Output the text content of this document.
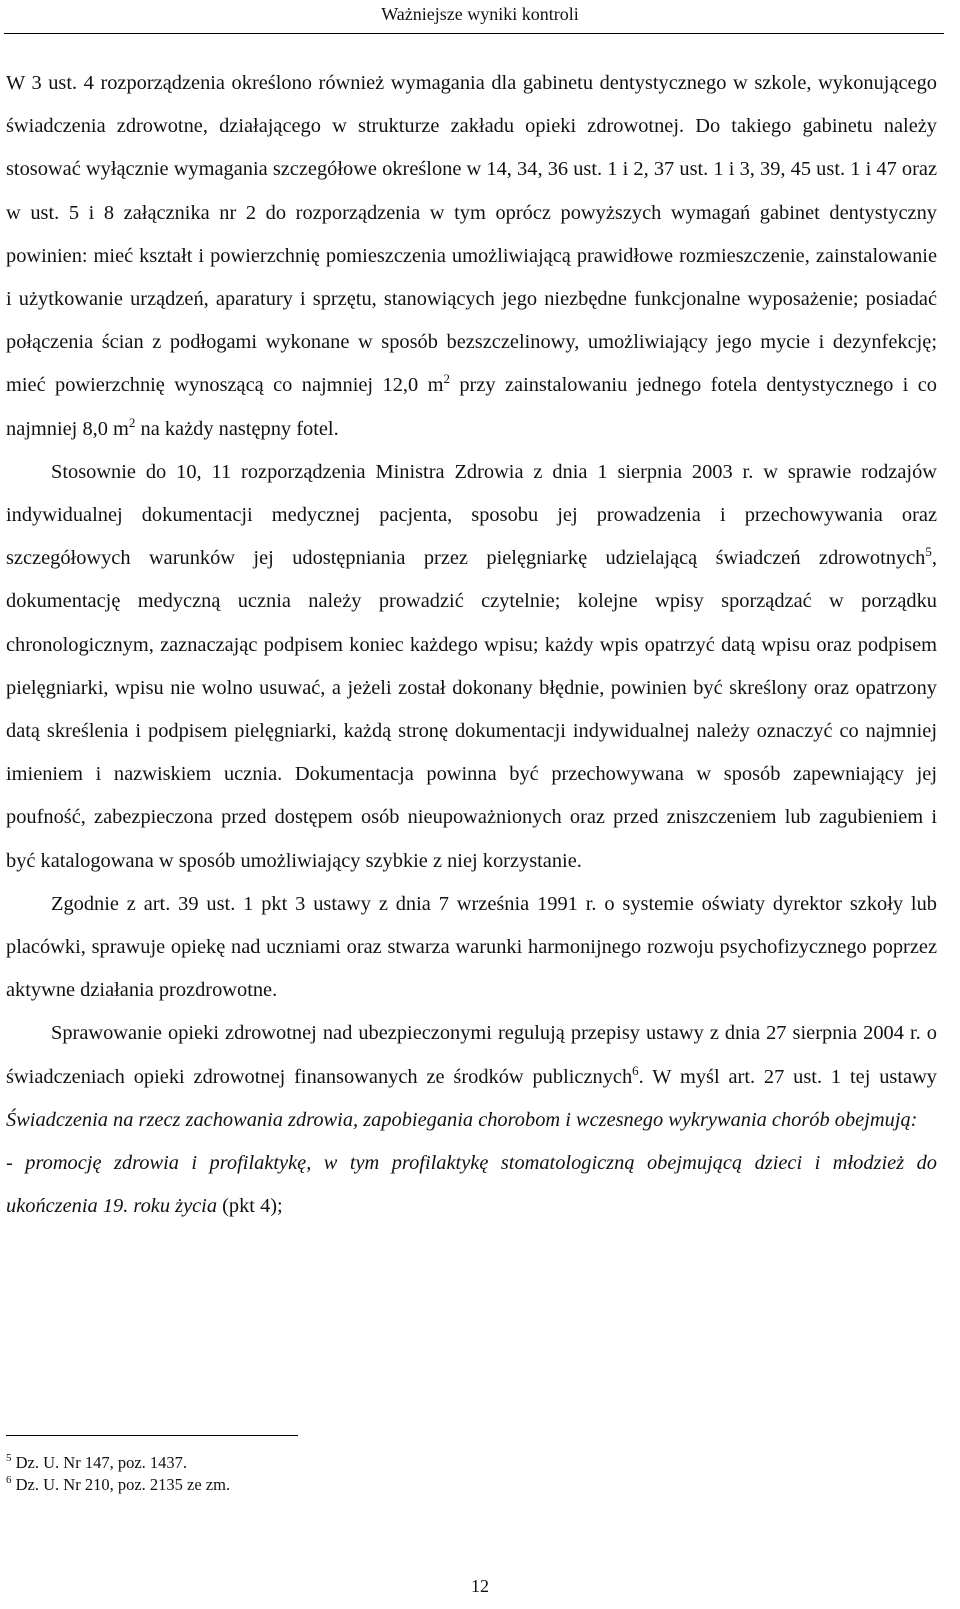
Ważniejsze wyniki kontroli

W 3 ust. 4 rozporządzenia określono również wymagania dla gabinetu dentystycznego w szkole, wykonującego świadczenia zdrowotne, działającego w strukturze zakładu opieki zdrowotnej. Do takiego gabinetu należy stosować wyłącznie wymagania szczegółowe określone w 14, 34, 36 ust. 1 i 2, 37 ust. 1 i 3, 39, 45 ust. 1 i 47 oraz w ust. 5 i 8 załącznika nr 2 do rozporządzenia w tym oprócz powyższych wymagań gabinet dentystyczny powinien: mieć kształt i powierzchnię pomieszczenia umożliwiającą prawidłowe rozmieszczenie, zainstalowanie i użytkowanie urządzeń, aparatury i sprzętu, stanowiących jego niezbędne funkcjonalne wyposażenie; posiadać połączenia ścian z podłogami wykonane w sposób bezszczelinowy, umożliwiający jego mycie i dezynfekcję; mieć powierzchnię wynoszącą co najmniej 12,0 $m^2$ przy zainstalowaniu jednego fotela dentystycznego i co najmniej 8,0 $m^2$ na każdy następny fotel.

Stosownie do 10, 11 rozporządzenia Ministra Zdrowia z dnia 1 sierpnia 2003 r. w sprawie rodzajów indywidualnej dokumentacji medycznej pacjenta, sposobu jej prowadzenia i przechowywania oraz szczegółowych warunków jej udostępniania przez pielęgniarkę udzielającą świadczeń zdrowotnych$^5$, dokumentację medyczną ucznia należy prowadzić czytelnie; kolejne wpisy sporządzać w porządku chronologicznym, zaznaczając podpisem koniec każdego wpisu; każdy wpis opatrzyć datą wpisu oraz podpisem pielęgniarki, wpisu nie wolno usuwać, a jeżeli został dokonany błędnie, powinien być skreślony oraz opatrzony datą skreślenia i podpisem pielęgniarki, każdą stronę dokumentacji indywidualnej należy oznaczyć co najmniej imieniem i nazwiskiem ucznia. Dokumentacja powinna być przechowywana w sposób zapewniający jej poufność, zabezpieczona przed dostępem osób nieupoważnionych oraz przed zniszczeniem lub zagubieniem i być katalogowana w sposób umożliwiający szybkie z niej korzystanie.

Zgodnie z art. 39 ust. 1 pkt 3 ustawy z dnia 7 września 1991 r. o systemie oświaty dyrektor szkoły lub placówki, sprawuje opiekę nad uczniami oraz stwarza warunki harmonijnego rozwoju psychofizycznego poprzez aktywne działania prozdrowotne.

Sprawowanie opieki zdrowotnej nad ubezpieczonymi regulują przepisy ustawy z dnia 27 sierpnia 2004 r. o świadczeniach opieki zdrowotnej finansowanych ze środków publicznych$^6$. W myśl art. 27 ust. 1 tej ustawy Świadczenia na rzecz zachowania zdrowia, zapobiegania chorobom i wczesnego wykrywania chorób obejmują:

- promocję zdrowia i profilaktykę, w tym profilaktykę stomatologiczną obejmującą dzieci i młodzież do ukończenia 19. roku życia (pkt 4);

$^5$ Dz. U. Nr 147, poz. 1437.
$^6$ Dz. U. Nr 210, poz. 2135 ze zm.
12
